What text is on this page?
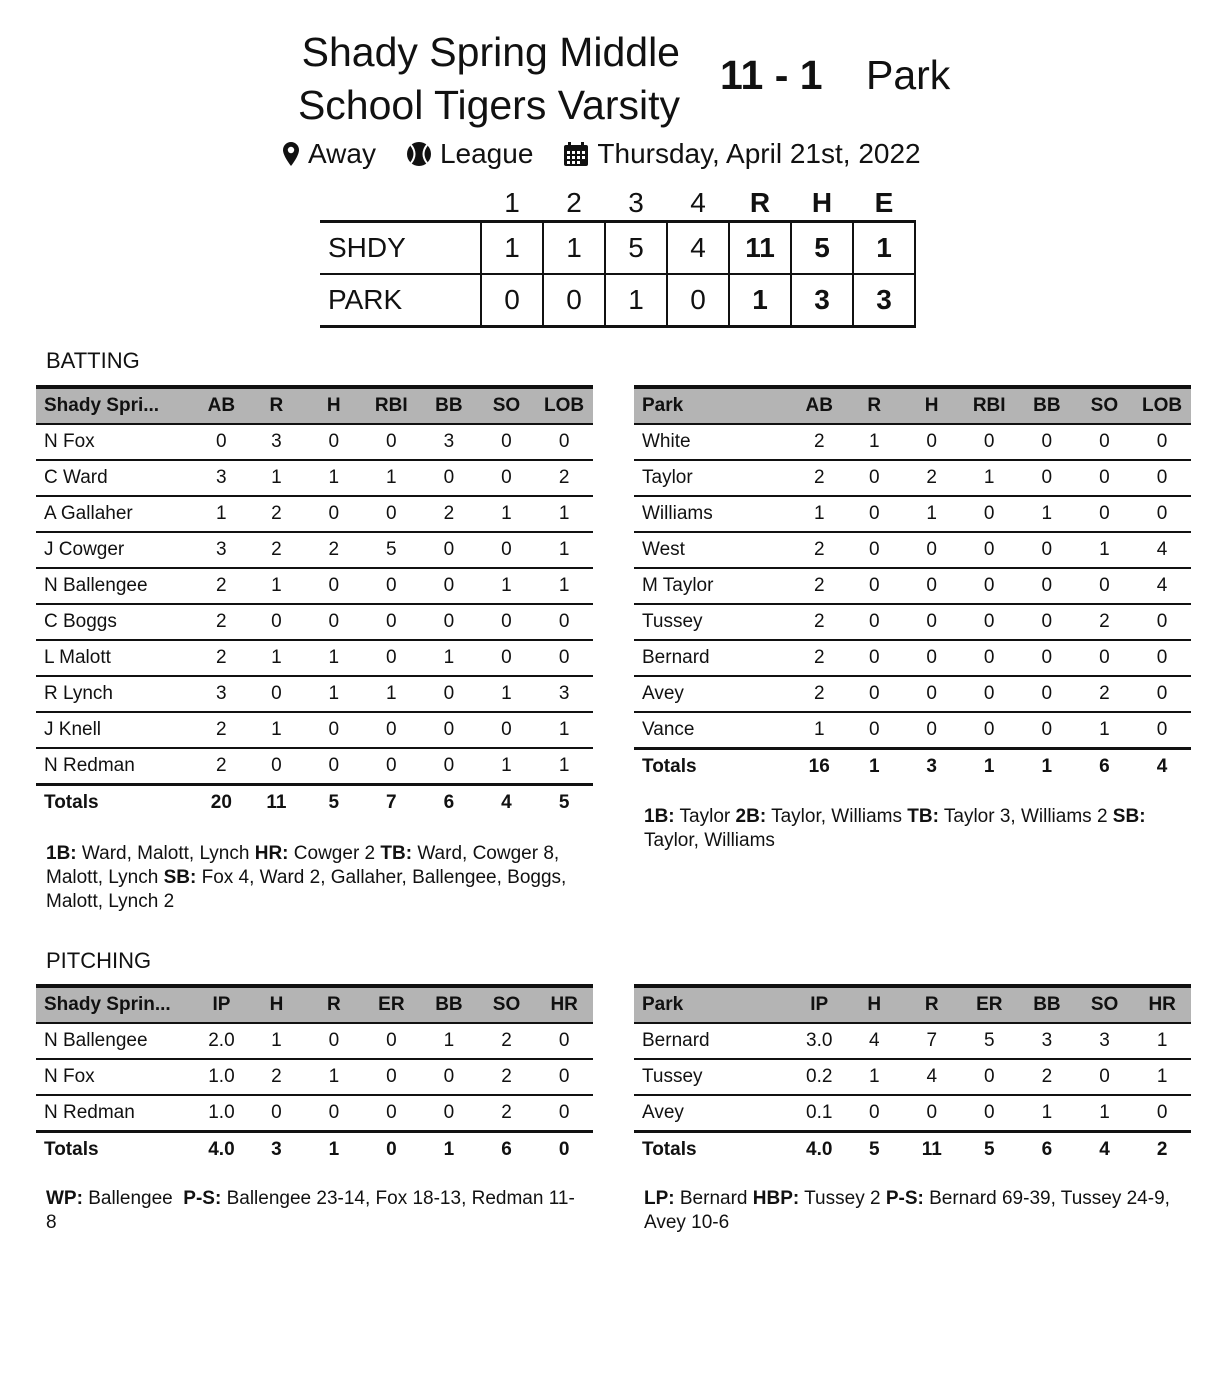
Shady Spring Middle
School Tigers Varsity
11 - 1 Park
Away League Thursday, April 21st, 2022
	1	2	3	4	R	H	E
SHDY	1	1	5	4	11	5	1
PARK	0	0	1	0	1	3	3
BATTING
PITCHING
Shady Spri...	AB	R	H	RBI	BB	SO	LOB
N Fox	0	3	0	0	3	0	0
C Ward	3	1	1	1	0	0	2
A Gallaher	1	2	0	0	2	1	1
J Cowger	3	2	2	5	0	0	1
N Ballengee	2	1	0	0	0	1	1
C Boggs	2	0	0	0	0	0	0
L Malott	2	1	1	0	1	0	0
R Lynch	3	0	1	1	0	1	3
J Knell	2	1	0	0	0	0	1
N Redman	2	0	0	0	0	1	1
Totals	20	11	5	7	6	4	5
Park	AB	R	H	RBI	BB	SO	LOB
White	2	1	0	0	0	0	0
Taylor	2	0	2	1	0	0	0
Williams	1	0	1	0	1	0	0
West	2	0	0	0	0	1	4
M Taylor	2	0	0	0	0	0	4
Tussey	2	0	0	0	0	2	0
Bernard	2	0	0	0	0	0	0
Avey	2	0	0	0	0	2	0
Vance	1	0	0	0	0	1	0
Totals	16	1	3	1	1	6	4
Shady Sprin...	IP	H	R	ER	BB	SO	HR
N Ballengee	2.0	1	0	0	1	2	0
N Fox	1.0	2	1	0	0	2	0
N Redman	1.0	0	0	0	0	2	0
Totals	4.0	3	1	0	1	6	0
Park	IP	H	R	ER	BB	SO	HR
Bernard	3.0	4	7	5	3	3	1
Tussey	0.2	1	4	0	2	0	1
Avey	0.1	0	0	0	1	1	0
Totals	4.0	5	11	5	6	4	2
1B: Ward, Malott, Lynch HR: Cowger 2 TB: Ward, Cowger 8, Malott, Lynch SB: Fox 4, Ward 2, Gallaher, Ballengee, Boggs, Malott, Lynch 2
1B: Taylor 2B: Taylor, Williams TB: Taylor 3, Williams 2 SB: Taylor, Williams
WP: Ballengee  P-S: Ballengee 23-14, Fox 18-13, Redman 11-8
LP: Bernard HBP: Tussey 2 P-S: Bernard 69-39, Tussey 24-9, Avey 10-6
